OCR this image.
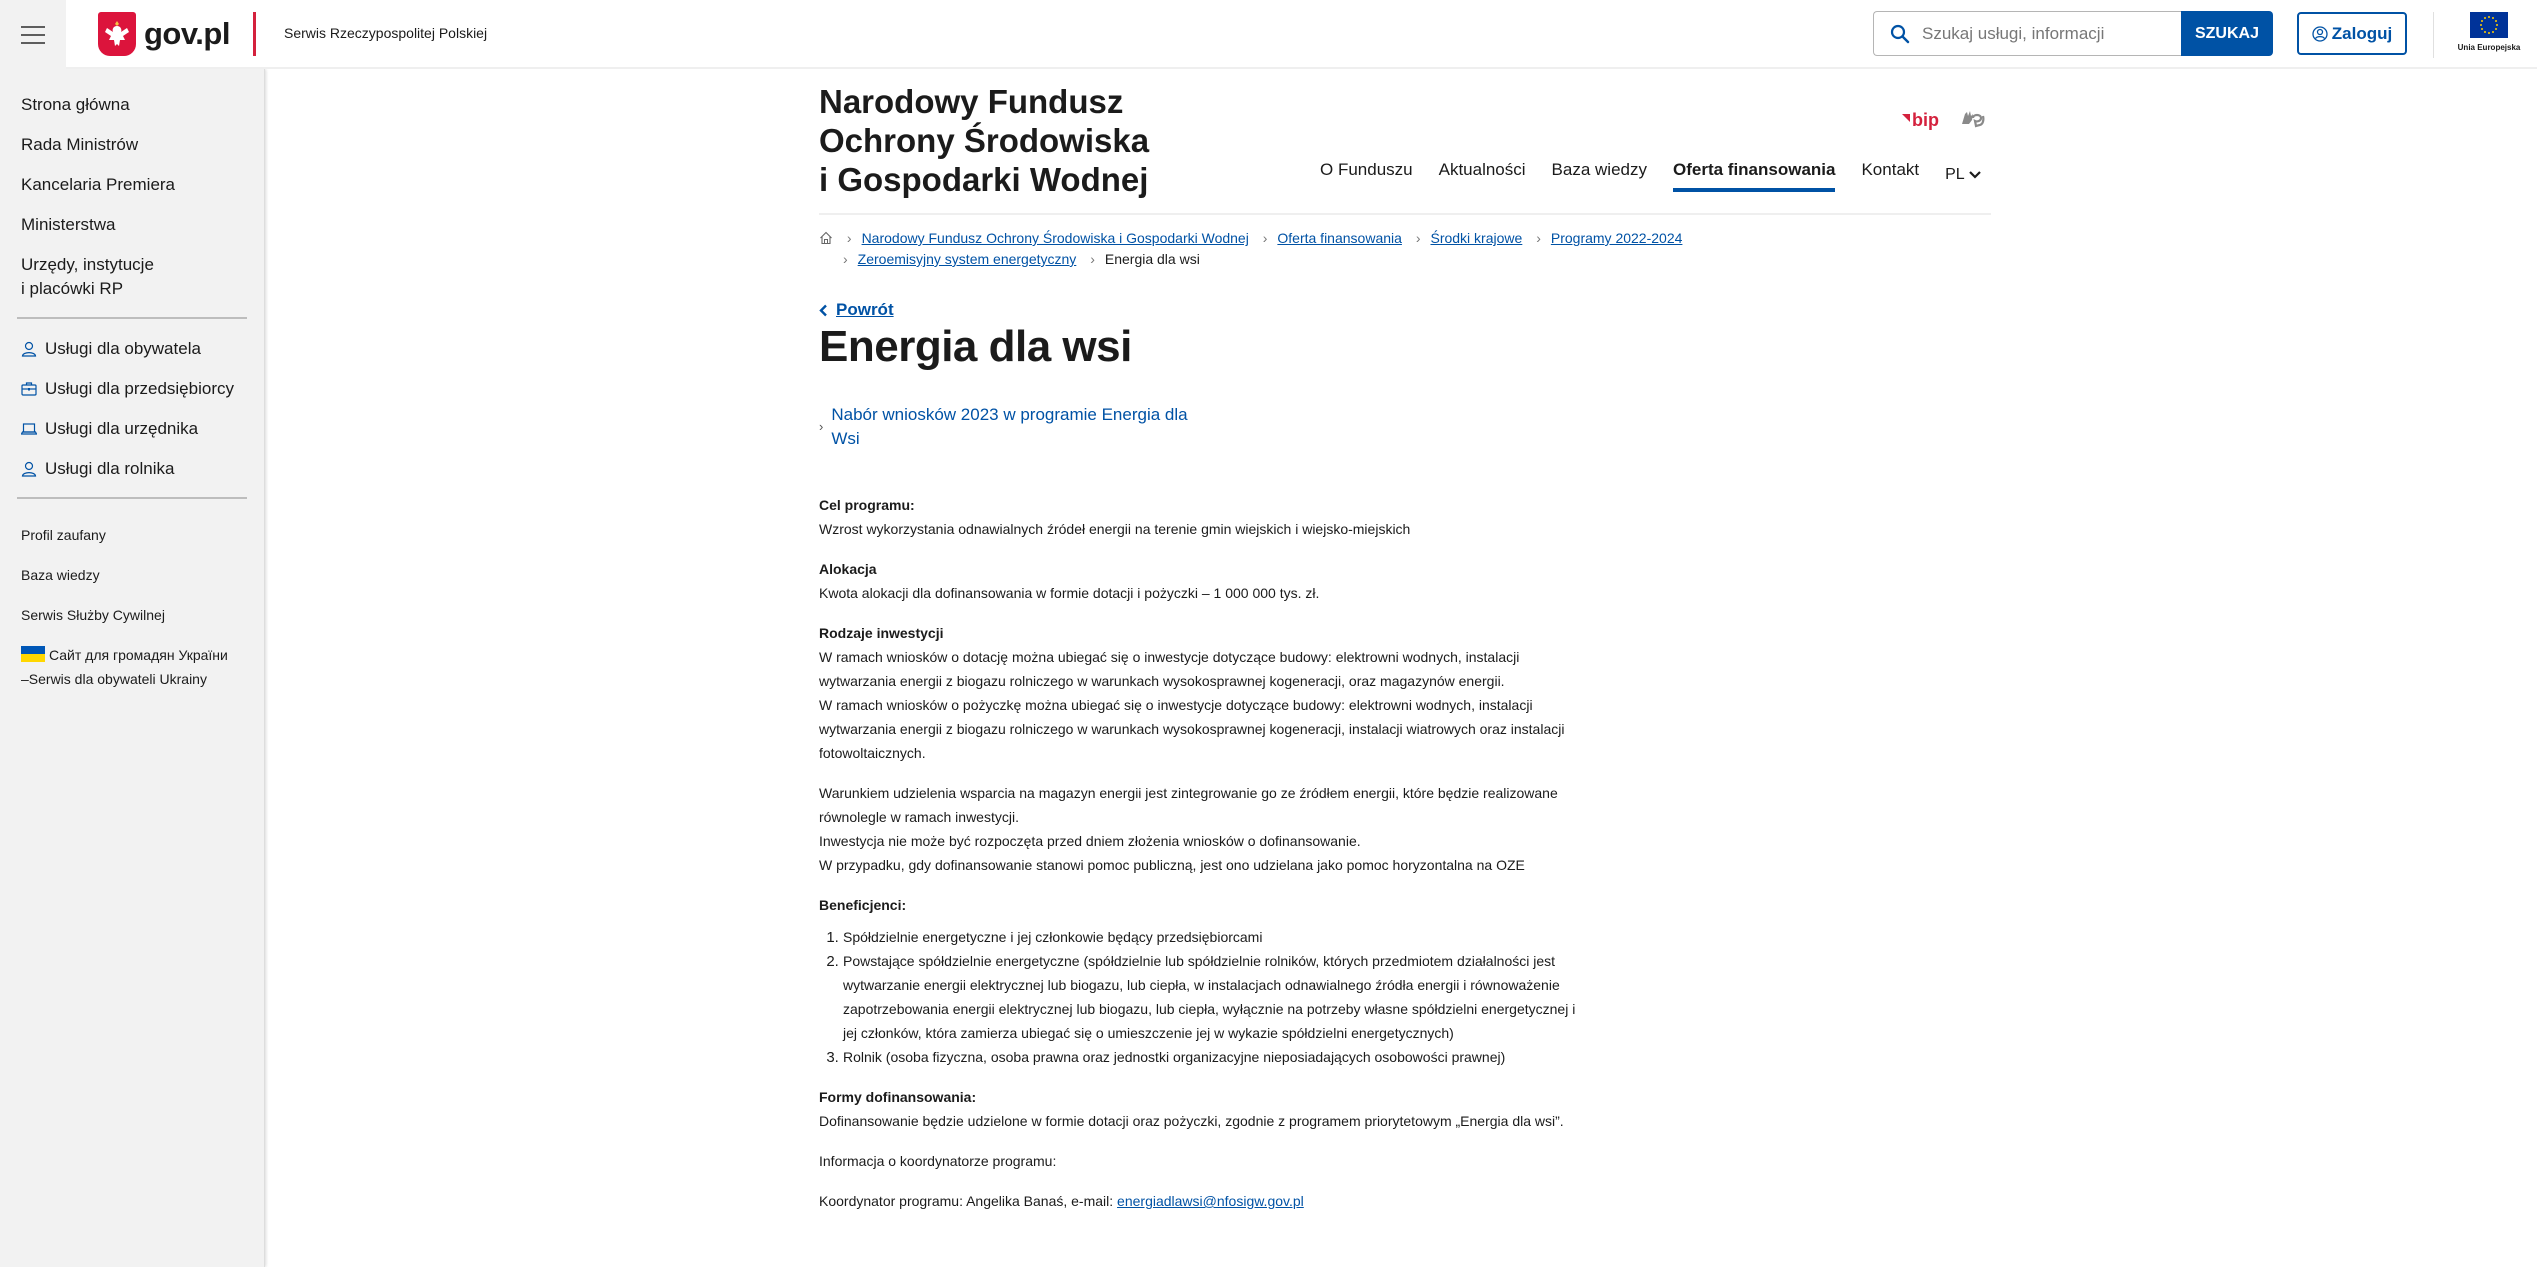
gov.pl	Serwis Rzeczypospolitej Polskiej
Szukaj usługi, informacji	SZUKAJ	Zaloguj
Unia Europejska
Strona główna
Rada Ministrów
Kancelaria Premiera
Ministerstwa
Urzędy, instytucje
i placówki RP
Usługi dla obywatela
Usługi dla przedsiębiorcy
Usługi dla urzędnika
Usługi dla rolnika
Profil zaufany
Baza wiedzy
Serwis Służby Cywilnej
Сайт для громадян України
–Serwis dla obywateli Ukrainy
Narodowy Fundusz
Ochrony Środowiska
i Gospodarki Wodnej
bip
O Funduszu Aktualności Baza wiedzy Oferta finansowania Kontakt PL
› Narodowy Fundusz Ochrony Środowiska i Gospodarki Wodnej › Oferta finansowania › Środki krajowe › Programy 2022-2024
› Zeroemisyjny system energetyczny › Energia dla wsi
Powrót
Energia dla wsi
›
Nabór wniosków 2023 w programie Energia dla Wsi
Cel programu:

Wzrost wykorzystania odnawialnych źródeł energii na terenie gmin wiejskich i wiejsko-miejskich

Alokacja

Kwota alokacji dla dofinansowania w formie dotacji i pożyczki – 1 000 000 tys. zł.

Rodzaje inwestycji
W ramach wniosków o dotację można ubiegać się o inwestycje dotyczące budowy: elektrowni wodnych, instalacji wytwarzania energii z biogazu rolniczego w warunkach wysokosprawnej kogeneracji, oraz magazynów energii.

W ramach wniosków o pożyczkę można ubiegać się o inwestycje dotyczące budowy: elektrowni wodnych, instalacji wytwarzania energii z biogazu rolniczego w warunkach wysokosprawnej kogeneracji, instalacji wiatrowych oraz instalacji fotowoltaicznych.

Warunkiem udzielenia wsparcia na magazyn energii jest zintegrowanie go ze źródłem energii, które będzie realizowane równolegle w ramach inwestycji.
Inwestycja nie może być rozpoczęta przed dniem złożenia wniosków o dofinansowanie.

W przypadku, gdy dofinansowanie stanowi pomoc publiczną, jest ono udzielana jako pomoc horyzontalna na OZE

Beneficjenci:
1. Spółdzielnie energetyczne i jej członkowie będący przedsiębiorcami
2. Powstające spółdzielnie energetyczne (spółdzielnie lub spółdzielnie rolników, których przedmiotem działalności jest wytwarzanie energii elektrycznej lub biogazu, lub ciepła, w instalacjach odnawialnego źródła energii i równoważenie zapotrzebowania energii elektrycznej lub biogazu, lub ciepła, wyłącznie na potrzeby własne spółdzielni energetycznej i jej członków, która zamierza ubiegać się o umieszczenie jej w wykazie spółdzielni energetycznych)
3. Rolnik (osoba fizyczna, osoba prawna oraz jednostki organizacyjne nieposiadających osobowości prawnej)
Formy dofinansowania:

Dofinansowanie będzie udzielone w formie dotacji oraz pożyczki, zgodnie z programem priorytetowym „Energia dla wsi”.

Informacja o koordynatorze programu:

Koordynator programu: Angelika Banaś, e-mail: energiadlawsi@nfosigw.gov.pl
